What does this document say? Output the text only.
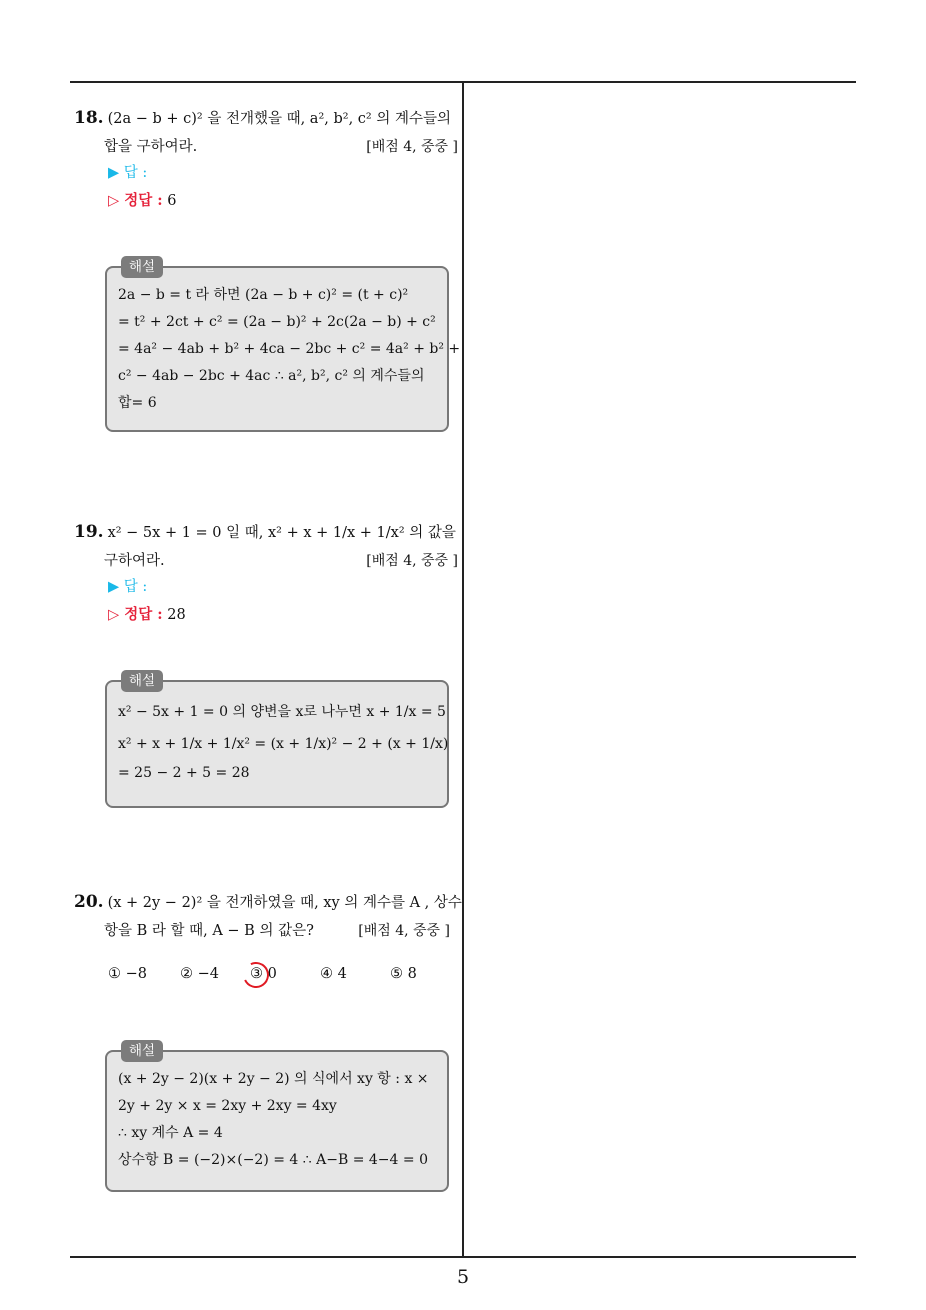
5
18. (2a − b + c)² 을 전개했을 때, a², b², c² 의 계수들의
합을 구하여라.	[배점 4, 중중 ]
▶ 답 :
▷ 정답 : 6
해설
2a − b = t 라 하면 (2a − b + c)² = (t + c)²
= t² + 2ct + c² = (2a − b)² + 2c(2a − b) + c²
= 4a² − 4ab + b² + 4ca − 2bc + c² = 4a² + b² +
c² − 4ab − 2bc + 4ac ∴ a², b², c² 의 계수들의
합= 6
19. x² − 5x + 1 = 0 일 때, x² + x + 1/x + 1/x² 의 값을
구하여라.	[배점 4, 중중 ]
▶ 답 :
▷ 정답 : 28
해설
x² − 5x + 1 = 0 의 양변을 x로 나누면 x + 1/x = 5
x² + x + 1/x + 1/x² = (x + 1/x)² − 2 + (x + 1/x)
= 25 − 2 + 5 = 28
20. (x + 2y − 2)² 을 전개하였을 때, xy 의 계수를 A , 상수
항을 B 라 할 때, A − B 의 값은?	[배점 4, 중중 ]
① −8 ② −4 ③ 0	④ 4	⑤ 8
해설
(x + 2y − 2)(x + 2y − 2) 의 식에서 xy 항 : x ×
2y + 2y × x = 2xy + 2xy = 4xy
∴ xy 계수 A = 4
상수항 B = (−2)×(−2) = 4 ∴ A−B = 4−4 = 0
